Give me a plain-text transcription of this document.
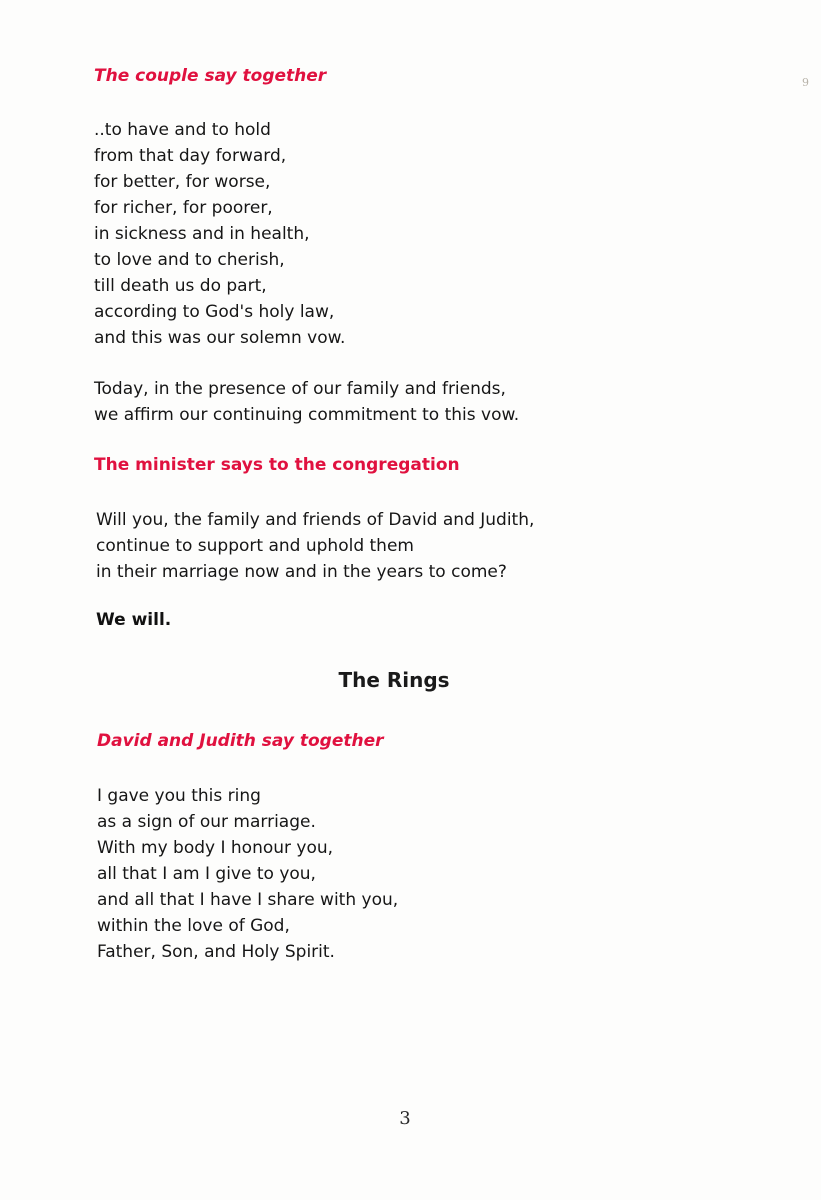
9

The couple say together

..to have and to hold
from that day forward,
for better, for worse,
for richer, for poorer,
in sickness and in health,
to love and to cherish,
till death us do part,
according to God's holy law,
and this was our solemn vow.
Today, in the presence of our family and friends,
we affirm our continuing commitment to this vow.

The minister says to the congregation

Will you, the family and friends of David and Judith,
continue to support and uphold them
in their marriage now and in the years to come?

We will.

The Rings

David and Judith say together

I gave you this ring
as a sign of our marriage.
With my body I honour you,
all that I am I give to you,
and all that I have I share with you,
within the love of God,
Father, Son, and Holy Spirit.
3
